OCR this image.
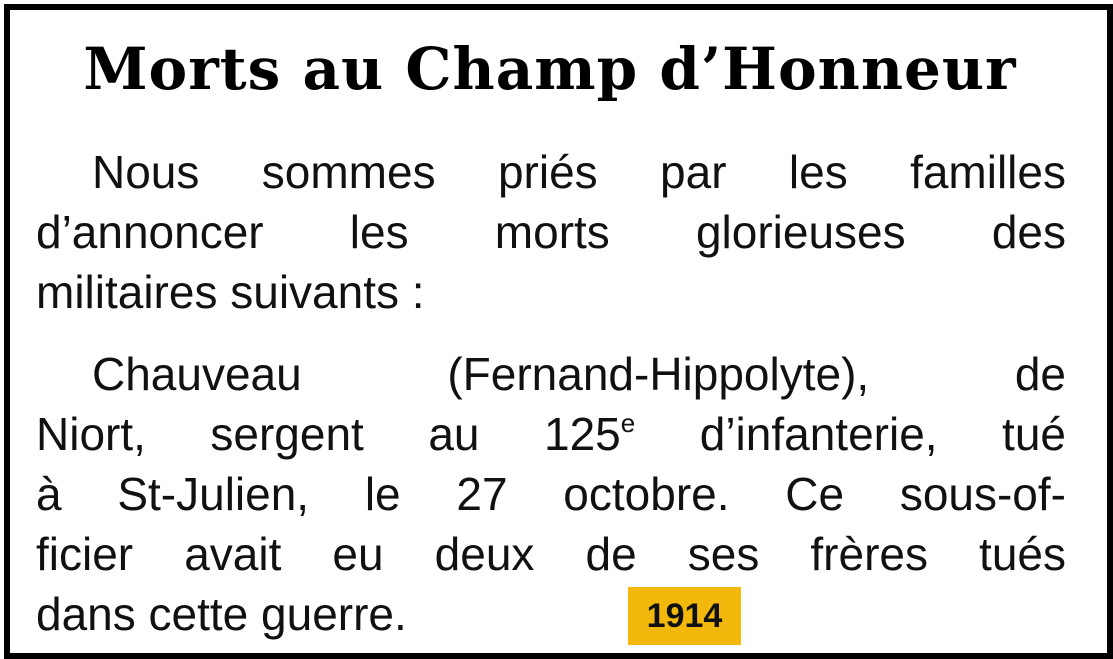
Morts au Champ d’Honneur
Nous sommes priés par les familles
d’annoncer les morts glorieuses des
militaires suivants :
Chauveau (Fernand-Hippolyte), de
Niort, sergent au 125e d’infanterie, tué
à St-Julien, le 27 octobre. Ce sous-of-
ficier avait eu deux de ses frères tués
dans cette guerre.	1914
